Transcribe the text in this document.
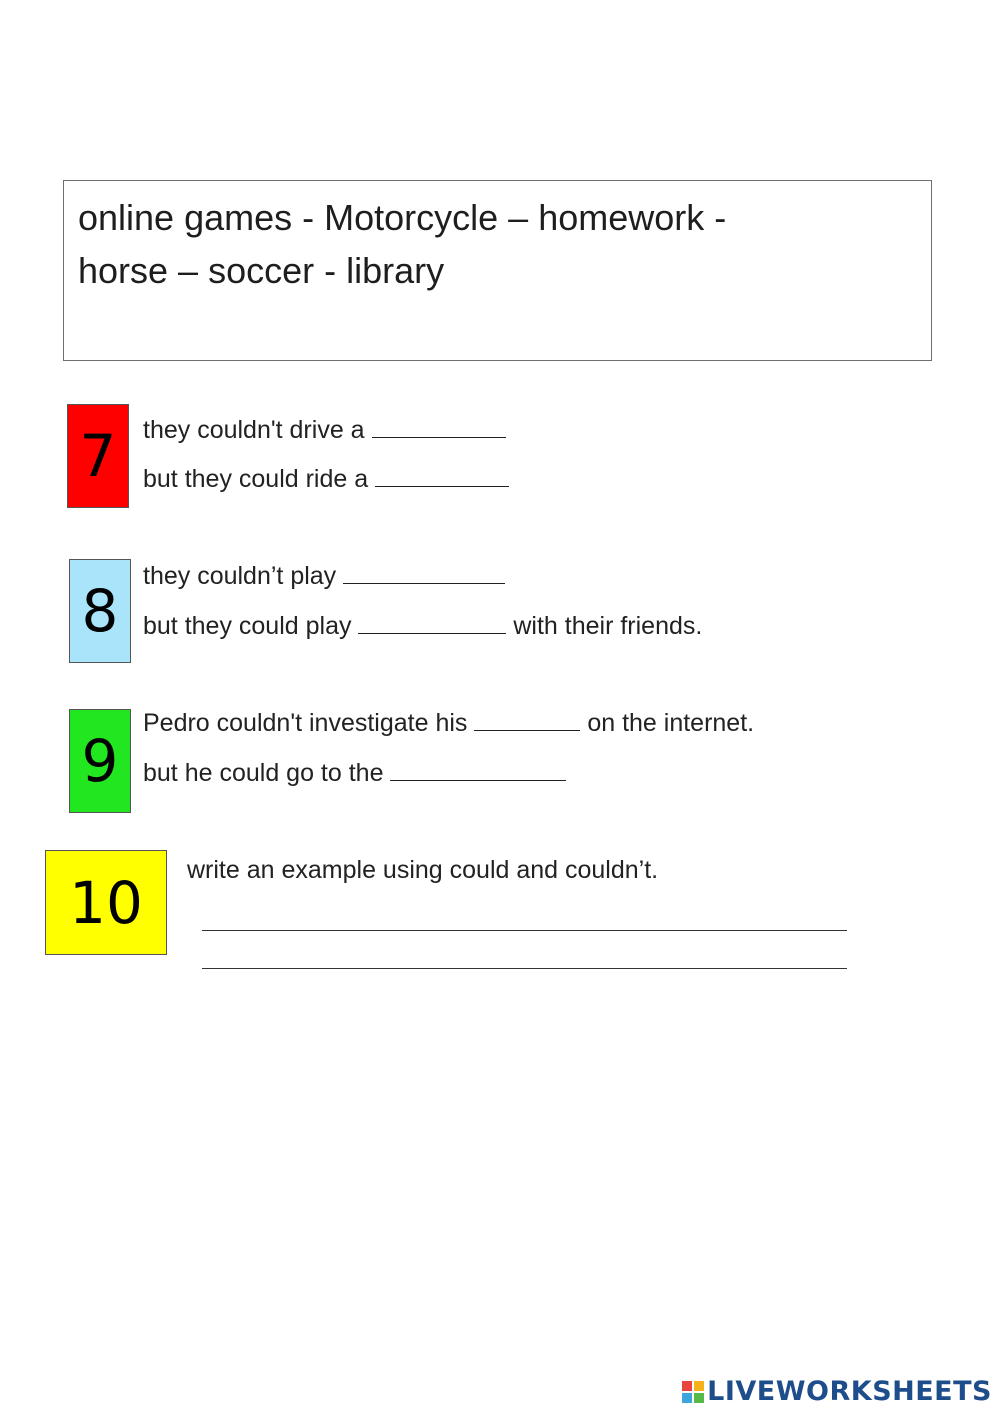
online games - Motorcycle – homework -
horse – soccer - library
7	they couldn't drive a
but they could ride a
8
they couldn’t play
but they could play	with their friends.
9
Pedro couldn't investigate his	on the internet.
but he could go to the
10	write an example using could and couldn’t.
LIVEWORKSHEETS
